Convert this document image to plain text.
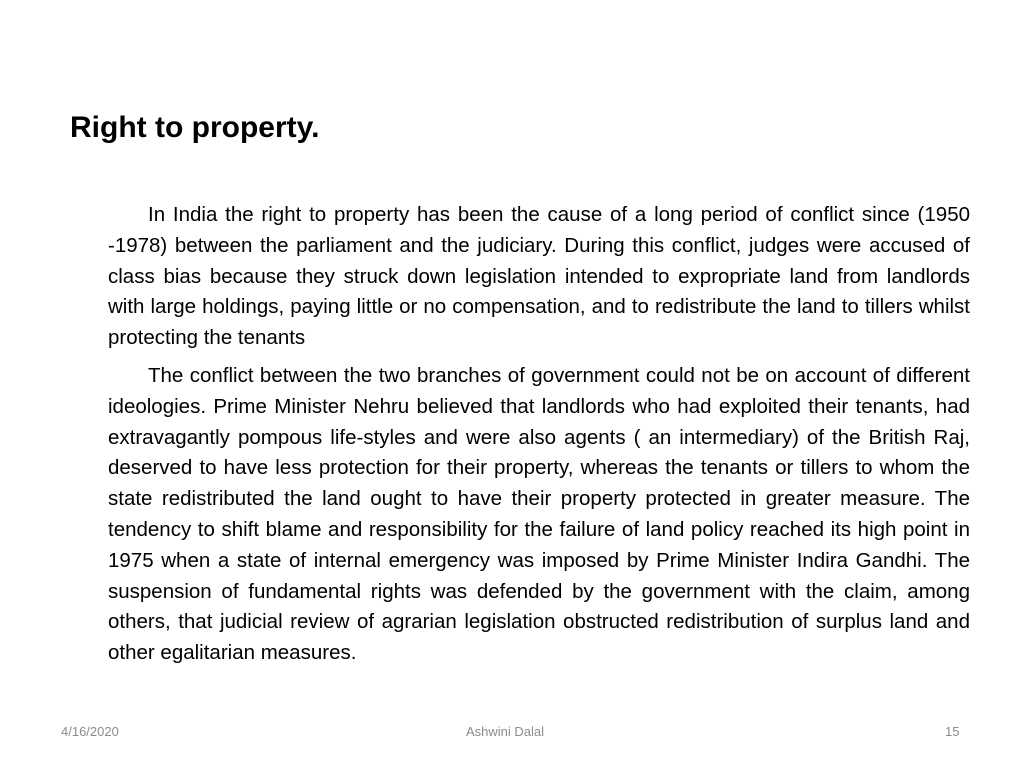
Right to property.

In India the right to property has been the cause of a long period of conflict since (1950 -1978) between the parliament and the judiciary. During this conflict, judges were accused of class bias because they struck down legislation intended to expropriate land from landlords with large holdings, paying little or no compensation, and to redistribute the land to tillers whilst protecting the tenants

The conflict between the two branches of government could not be on account of different ideologies. Prime Minister Nehru believed that landlords who had exploited their tenants, had extravagantly pompous life-styles and were also agents ( an intermediary) of the British Raj, deserved to have less protection for their property, whereas the tenants or tillers to whom the state redistributed the land ought to have their property protected in greater measure. The tendency to shift blame and responsibility for the failure of land policy reached its high point in 1975 when a state of internal emergency was imposed by Prime Minister Indira Gandhi. The suspension of fundamental rights was defended by the government with the claim, among others, that judicial review of agrarian legislation obstructed redistribution of surplus land and other egalitarian measures.

4/16/2020	Ashwini Dalal	15
